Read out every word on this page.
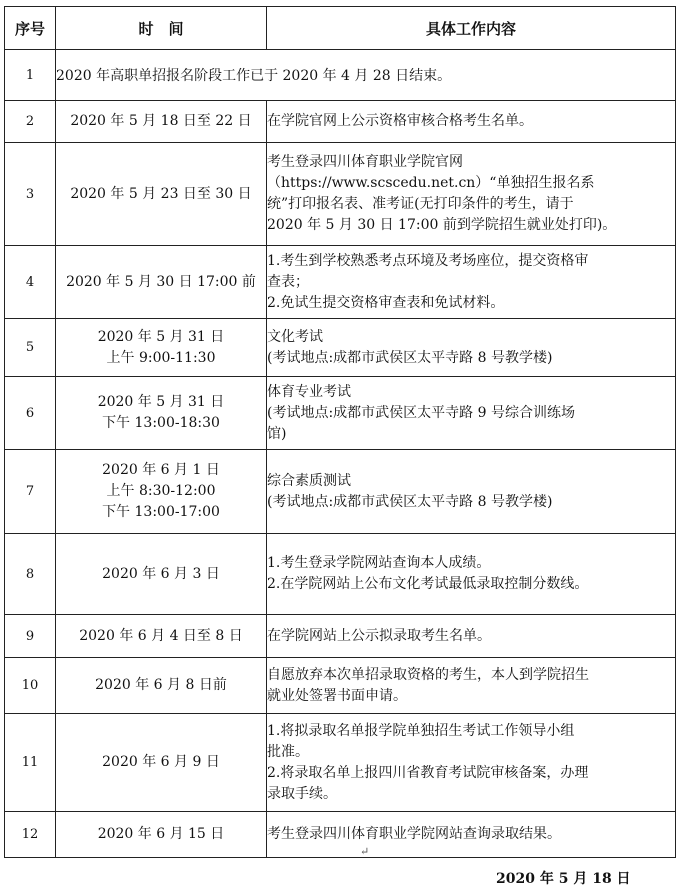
序号	时　间	具体工作内容
1	2020 年高职单招报名阶段工作已于 2020 年 4 月 28 日结束。	
2	2020 年 5 月 18 日至 22 日	在学院官网上公示资格审核合格考生名单。

3	2020 年 5 月 23 日至 30 日	考生登录四川体育职业学院官网
（https://www.scscedu.net.cn）“单独招生报名系
统”打印报名表、准考证(无打印条件的考生，请于
2020 年 5 月 30 日 17:00 前到学院招生就业处打印)。

4	2020 年 5 月 30 日 17:00 前	1.考生到学校熟悉考点环境及考场座位，提交资格审
查表；
2.免试生提交资格审查表和免试材料。

5	2020 年 5 月 31 日
上午 9:00-11:30	文化考试
(考试地点:成都市武侯区太平寺路 8 号教学楼)

6	2020 年 5 月 31 日
下午 13:00-18:30	体育专业考试
(考试地点:成都市武侯区太平寺路 9 号综合训练场
馆)

7	2020 年 6 月 1 日
上午 8:30-12:00
下午 13:00-17:00	综合素质测试
(考试地点:成都市武侯区太平寺路 8 号教学楼)

8	2020 年 6 月 3 日	1.考生登录学院网站查询本人成绩。
2.在学院网站上公布文化考试最低录取控制分数线。

9	2020 年 6 月 4 日至 8 日	在学院网站上公示拟录取考生名单。

10	2020 年 6 月 8 日前	自愿放弃本次单招录取资格的考生，本人到学院招生
就业处签署书面申请。

11	2020 年 6 月 9 日	1.将拟录取名单报学院单独招生考试工作领导小组
批准。
2.将录取名单上报四川省教育考试院审核备案，办理
录取手续。

12	2020 年 6 月 15 日	考生登录四川体育职业学院网站查询录取结果。
↵
2020 年 5 月 18 日
